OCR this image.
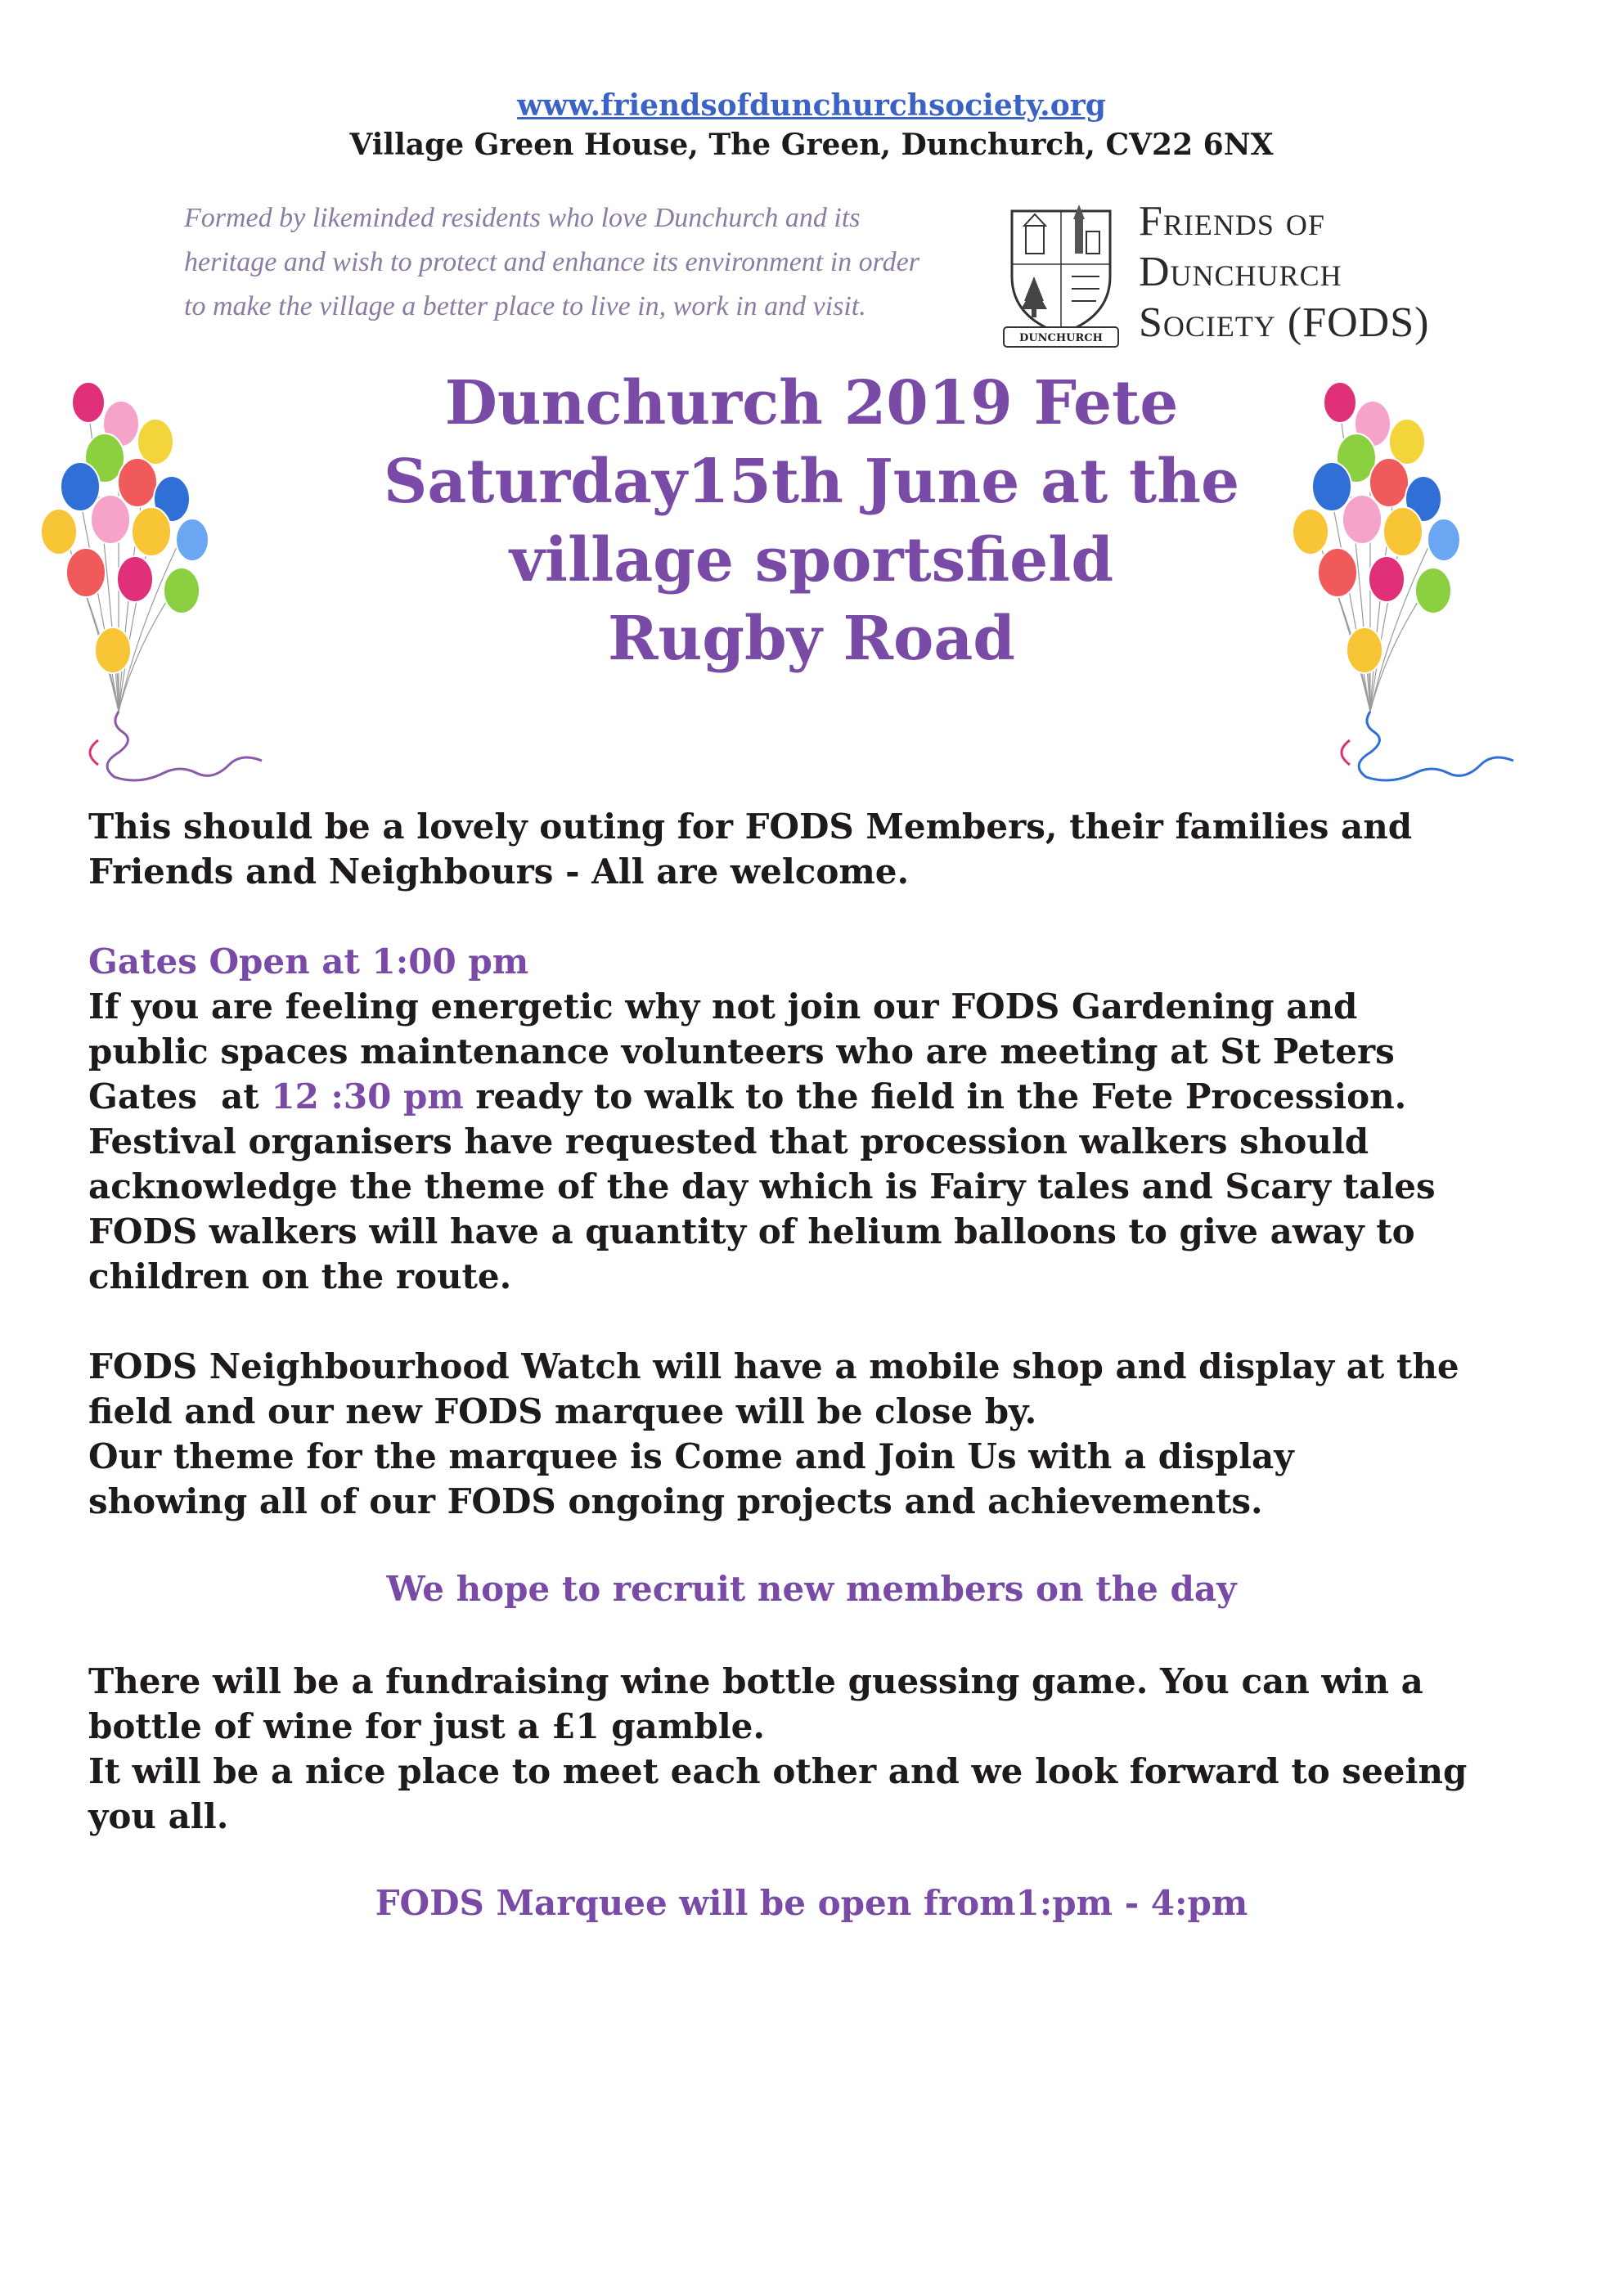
www.friendsofdunchurchsociety.org
Village Green House, The Green, Dunchurch, CV22 6NX
Formed by likeminded residents who love Dunchurch and its
heritage and wish to protect and enhance its environment in order
to make the village a better place to live in, work in and visit.
DUNCHURCH
Friends of
Dunchurch
Society (FODS)
Dunchurch 2019 Fete
Saturday15th June at the
village sportsfield
Rugby Road
This should be a lovely outing for FODS Members, their families and
Friends and Neighbours - All are welcome.
Gates Open at 1:00 pm
If you are feeling energetic why not join our FODS Gardening and
public spaces maintenance volunteers who are meeting at St Peters
Gates  at 12 :30 pm ready to walk to the field in the Fete Procession.
Festival organisers have requested that procession walkers should
acknowledge the theme of the day which is Fairy tales and Scary tales
FODS walkers will have a quantity of helium balloons to give away to
children on the route.
FODS Neighbourhood Watch will have a mobile shop and display at the
field and our new FODS marquee will be close by.
Our theme for the marquee is Come and Join Us with a display
showing all of our FODS ongoing projects and achievements.
We hope to recruit new members on the day
There will be a fundraising wine bottle guessing game. You can win a
bottle of wine for just a £1 gamble.
It will be a nice place to meet each other and we look forward to seeing
you all.
FODS Marquee will be open from1:pm - 4:pm
